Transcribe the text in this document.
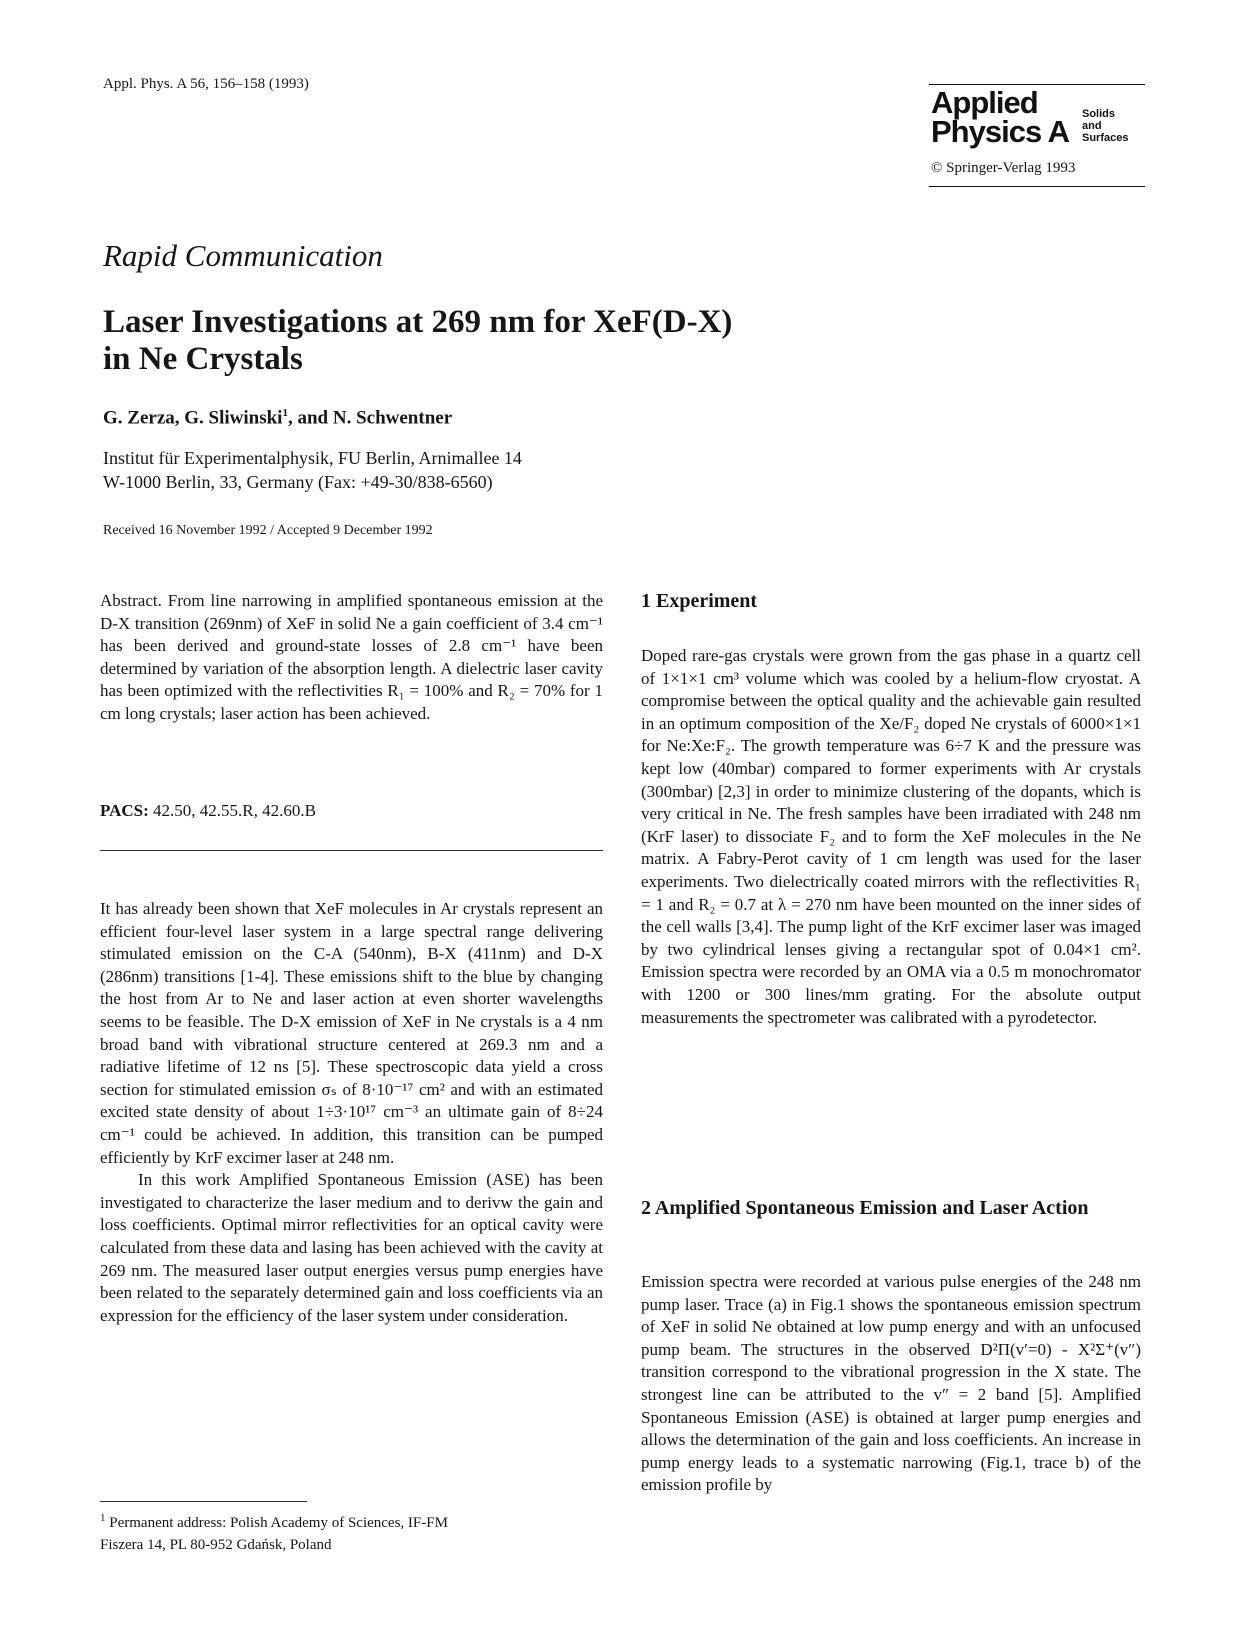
Appl. Phys. A 56, 156–158 (1993)
Applied
Physics A Solids
and
Surfaces
© Springer-Verlag 1993
Rapid Communication
Laser Investigations at 269 nm for XeF(D-X)
in Ne Crystals
G. Zerza, G. Sliwinski$^1$, and N. Schwentner
Institut für Experimentalphysik, FU Berlin, Arnimallee 14
W-1000 Berlin, 33, Germany (Fax: +49-30/838-6560)
Received 16 November 1992 / Accepted 9 December 1992

Abstract. From line narrowing in amplified spontaneous emission at the D-X transition (269nm) of XeF in solid Ne a gain coefficient of 3.4 cm⁻¹ has been derived and ground-state losses of 2.8 cm⁻¹ have been determined by variation of the absorption length. A dielectric laser cavity has been optimized with the reflectivities R₁ = 100% and R₂ = 70% for 1 cm long crystals; laser action has been achieved.

PACS: 42.50, 42.55.R, 42.60.B

It has already been shown that XeF molecules in Ar crystals represent an efficient four-level laser system in a large spectral range delivering stimulated emission on the C-A (540nm), B-X (411nm) and D-X (286nm) transitions [1-4]. These emissions shift to the blue by changing the host from Ar to Ne and laser action at even shorter wavelengths seems to be feasible. The D-X emission of XeF in Ne crystals is a 4 nm broad band with vibrational structure centered at 269.3 nm and a radiative lifetime of 12 ns [5]. These spectroscopic data yield a cross section for stimulated emission σₛ of 8·10⁻¹⁷ cm² and with an estimated excited state density of about 1÷3·10¹⁷ cm⁻³ an ultimate gain of 8÷24 cm⁻¹ could be achieved. In addition, this transition can be pumped efficiently by KrF excimer laser at 248 nm.

In this work Amplified Spontaneous Emission (ASE) has been investigated to characterize the laser medium and to derivw the gain and loss coefficients. Optimal mirror reflectivities for an optical cavity were calculated from these data and lasing has been achieved with the cavity at 269 nm. The measured laser output energies versus pump energies have been related to the separately determined gain and loss coefficients via an expression for the efficiency of the laser system under consideration.

1 Experiment

Doped rare-gas crystals were grown from the gas phase in a quartz cell of 1×1×1 cm³ volume which was cooled by a helium-flow cryostat. A compromise between the optical quality and the achievable gain resulted in an optimum composition of the Xe/F₂ doped Ne crystals of 6000×1×1 for Ne:Xe:F₂. The growth temperature was 6÷7 K and the pressure was kept low (40mbar) compared to former experiments with Ar crystals (300mbar) [2,3] in order to minimize clustering of the dopants, which is very critical in Ne. The fresh samples have been irradiated with 248 nm (KrF laser) to dissociate F₂ and to form the XeF molecules in the Ne matrix. A Fabry-Perot cavity of 1 cm length was used for the laser experiments. Two dielectrically coated mirrors with the reflectivities R₁ = 1 and R₂ = 0.7 at λ = 270 nm have been mounted on the inner sides of the cell walls [3,4]. The pump light of the KrF excimer laser was imaged by two cylindrical lenses giving a rectangular spot of 0.04×1 cm². Emission spectra were recorded by an OMA via a 0.5 m monochromator with 1200 or 300 lines/mm grating. For the absolute output measurements the spectrometer was calibrated with a pyrodetector.

2 Amplified Spontaneous Emission and Laser Action

Emission spectra were recorded at various pulse energies of the 248 nm pump laser. Trace (a) in Fig.1 shows the spontaneous emission spectrum of XeF in solid Ne obtained at low pump energy and with an unfocused pump beam. The structures in the observed D²Π(v′=0) - X²Σ⁺(v″) transition correspond to the vibrational progression in the X state. The strongest line can be attributed to the v″ = 2 band [5]. Amplified Spontaneous Emission (ASE) is obtained at larger pump energies and allows the determination of the gain and loss coefficients. An increase in pump energy leads to a systematic narrowing (Fig.1, trace b) of the emission profile by

$^1$ Permanent address: Polish Academy of Sciences, IF-FM
Fiszera 14, PL 80-952 Gdańsk, Poland
